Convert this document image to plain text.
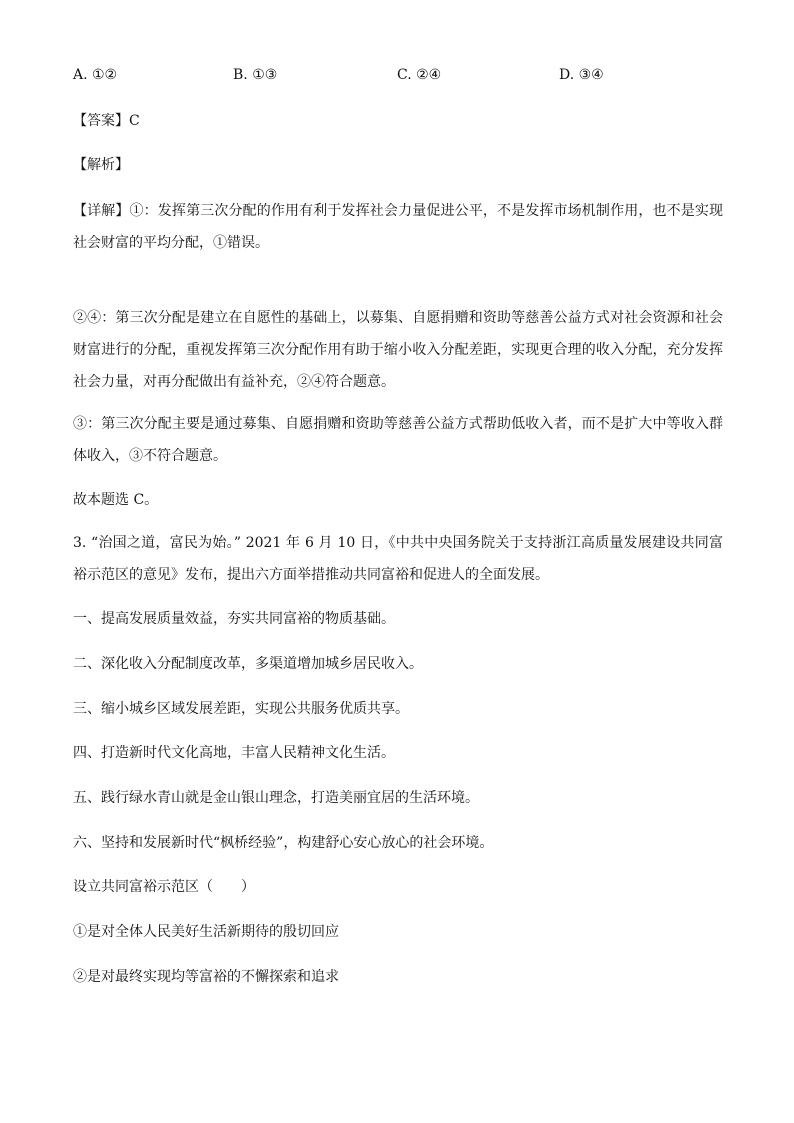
A. ①②	B. ①③	C. ②④	D. ③④
【答案】C
【解析】
【详解】①：发挥第三次分配的作用有利于发挥社会力量促进公平，不是发挥市场机制作用，也不是实现社会财富的平均分配，①错误。
②④：第三次分配是建立在自愿性的基础上，以募集、自愿捐赠和资助等慈善公益方式对社会资源和社会财富进行的分配，重视发挥第三次分配作用有助于缩小收入分配差距，实现更合理的收入分配，充分发挥社会力量，对再分配做出有益补充，②④符合题意。
③：第三次分配主要是通过募集、自愿捐赠和资助等慈善公益方式帮助低收入者，而不是扩大中等收入群体收入，③不符合题意。
故本题选 C。
3. “治国之道，富民为始。” 2021 年 6 月 10 日，《中共中央国务院关于支持浙江高质量发展建设共同富裕示范区的意见》发布，提出六方面举措推动共同富裕和促进人的全面发展。
一、提高发展质量效益，夯实共同富裕的物质基础。
二、深化收入分配制度改革，多渠道增加城乡居民收入。
三、缩小城乡区域发展差距，实现公共服务优质共享。
四、打造新时代文化高地，丰富人民精神文化生活。
五、践行绿水青山就是金山银山理念，打造美丽宜居的生活环境。
六、坚持和发展新时代“枫桥经验”，构建舒心安心放心的社会环境。
设立共同富裕示范区（　　）
①是对全体人民美好生活新期待的殷切回应
②是对最终实现均等富裕的不懈探索和追求
